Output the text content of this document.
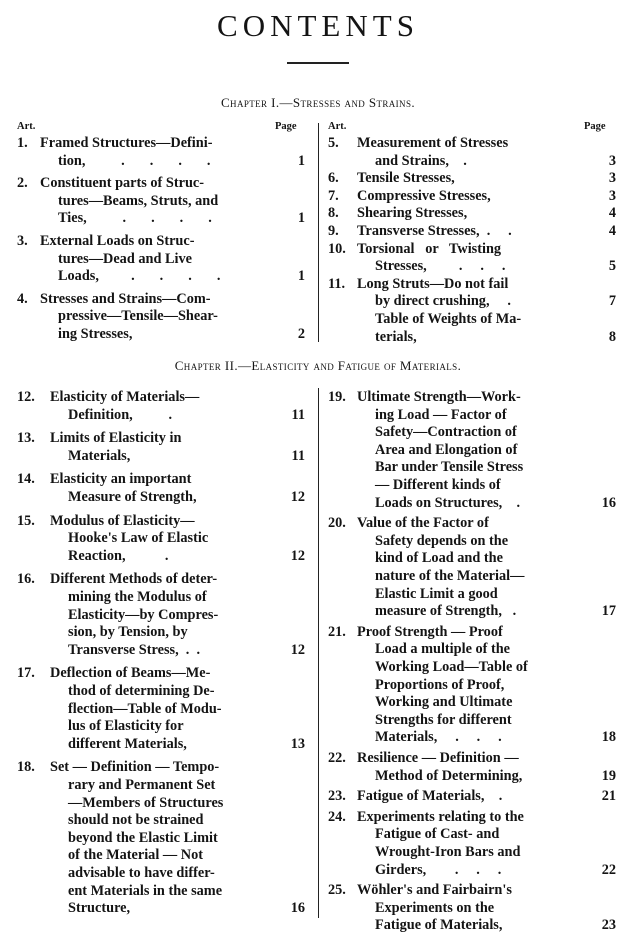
CONTENTS
Chapter I.—Stresses and Strains.
Art.	Page	Art.	Page
Chapter II.—Elasticity and Fatigue of Materials.
1. Framed Structures—Defini-
tion,          .       .       .       .	1
2. Constituent parts of Struc-
tures—Beams, Struts, and
Ties,          .       .       .       .	1
3. External Loads on Struc-
tures—Dead and Live
Loads,         .       .       .       .	1
4. Stresses and Strains—Com-
pressive—Tensile—Shear-
ing Stresses,	2
5. Measurement of Stresses
and Strains,    .	3
6. Tensile Stresses,	3
7. Compressive Stresses,	3
8. Shearing Stresses,	4
9. Transverse Stresses,  .     .	4
10. Torsional   or   Twisting
Stresses,         .     .     .	5
11. Long Struts—Do not fail
by direct crushing,     .	7
Table of Weights of Ma-
terials,	8
12. Elasticity of Materials—
Definition,          .	11
13. Limits of Elasticity in
Materials,	11
14. Elasticity an important
Measure of Strength,	12
15. Modulus of Elasticity—
Hooke's Law of Elastic
Reaction,           .	12
16. Different Methods of deter-
mining the Modulus of
Elasticity—by Compres-
sion, by Tension, by
Transverse Stress,  .  .	12
17. Deflection of Beams—Me-
thod of determining De-
flection—Table of Modu-
lus of Elasticity for
different Materials,	13
18. Set — Definition — Tempo-
rary and Permanent Set
—Members of Structures
should not be strained
beyond the Elastic Limit
of the Material — Not
advisable to have differ-
ent Materials in the same
Structure,	16
19. Ultimate Strength—Work-
ing Load — Factor of
Safety—Contraction of
Area and Elongation of
Bar under Tensile Stress
— Different kinds of
Loads on Structures,    .	16
20. Value of the Factor of
Safety depends on the
kind of Load and the
nature of the Material—
Elastic Limit a good
measure of Strength,   .	17
21. Proof Strength — Proof
Load a multiple of the
Working Load—Table of
Proportions of Proof,
Working and Ultimate
Strengths for different
Materials,     .     .     .	18
22. Resilience — Definition —
Method of Determining,	19
23. Fatigue of Materials,    .	21
24. Experiments relating to the
Fatigue of Cast- and
Wrought-Iron Bars and
Girders,        .     .     .	22
25. Wöhler's and Fairbairn's
Experiments on the
Fatigue of Materials,	23
